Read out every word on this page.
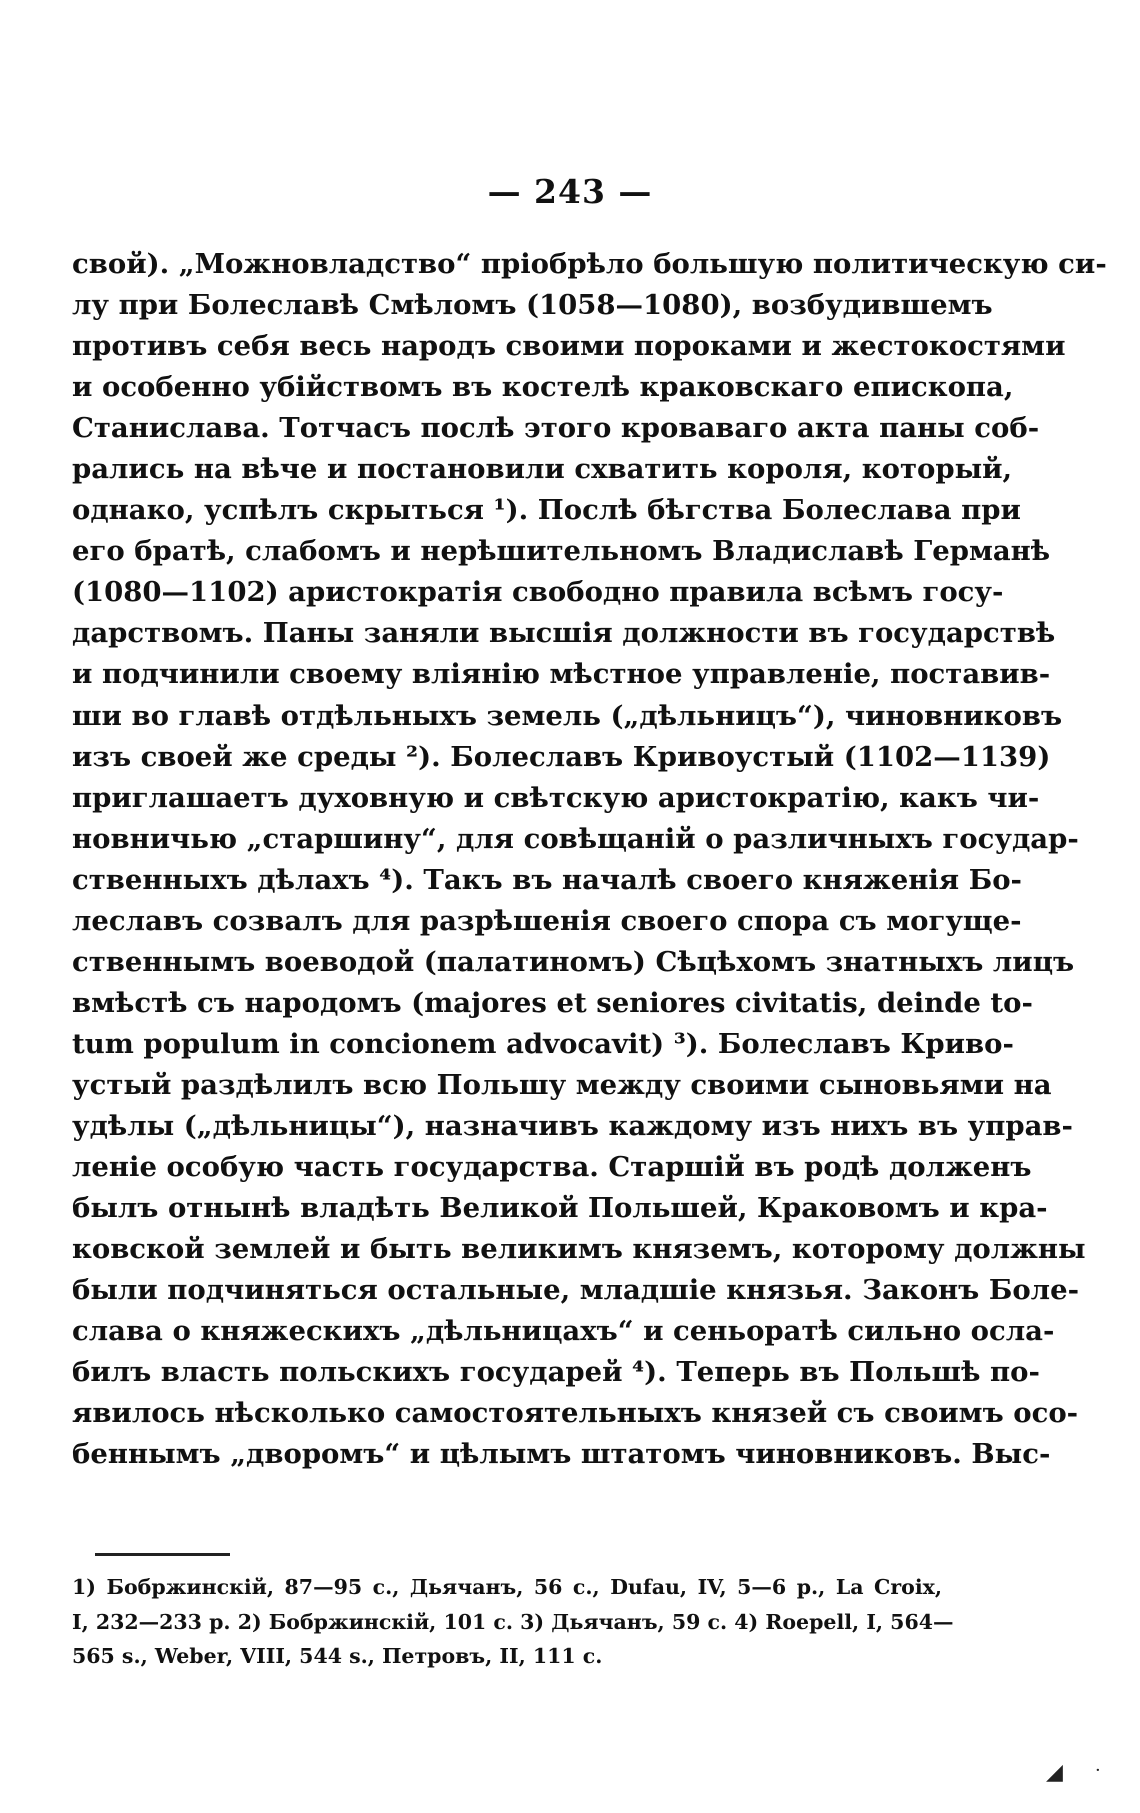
— 243 —
свой). „Можновладство“ пріобрѣло большую политическую си-
лу при Болеславѣ Смѣломъ (1058—1080), возбудившемъ
противъ себя весь народъ своими пороками и жестокостями
и особенно убійствомъ въ костелѣ краковскаго епископа,
Станислава. Тотчасъ послѣ этого кроваваго акта паны соб-
рались на вѣче и постановили схватить короля, который,
однако, успѣлъ скрыться ¹). Послѣ бѣгства Болеслава при
его братѣ, слабомъ и нерѣшительномъ Владиславѣ Германѣ
(1080—1102) аристократія свободно правила всѣмъ госу-
дарствомъ. Паны заняли высшія должности въ государствѣ
и подчинили своему вліянію мѣстное управленіе, поставив-
ши во главѣ отдѣльныхъ земель („дѣльницъ“), чиновниковъ
изъ своей же среды ²). Болеславъ Кривоустый (1102—1139)
приглашаетъ духовную и свѣтскую аристократію, какъ чи-
новничью „старшину“, для совѣщаній о различныхъ государ-
ственныхъ дѣлахъ ⁴). Такъ въ началѣ своего княженія Бо-
леславъ созвалъ для разрѣшенія своего спора съ могуще-
ственнымъ воеводой (палатиномъ) Сѣцѣхомъ знатныхъ лицъ
вмѣстѣ съ народомъ (majores et seniores civitatis, deinde to-
tum populum in concionem advocavit) ³). Болеславъ Криво-
устый раздѣлилъ всю Польшу между своими сыновьями на
удѣлы („дѣльницы“), назначивъ каждому изъ нихъ въ управ-
леніе особую часть государства. Старшій въ родѣ долженъ
былъ отнынѣ владѣть Великой Польшей, Краковомъ и кра-
ковской землей и быть великимъ княземъ, которому должны
были подчиняться остальные, младшіе князья. Законъ Боле-
слава о княжескихъ „дѣльницахъ“ и сеньоратѣ сильно осла-
билъ власть польскихъ государей ⁴). Теперь въ Польшѣ по-
явилось нѣсколько самостоятельныхъ князей съ своимъ осо-
беннымъ „дворомъ“ и цѣлымъ штатомъ чиновниковъ. Выс-
1) Бобржинскій, 87—95 с., Дьячанъ, 56 с., Dufau, IV, 5—6 p., La Croix,
I, 232—233 p. 2) Бобржинскій, 101 с. 3) Дьячанъ, 59 с. 4) Roepell, I, 564—
565 s., Weber, VIII, 544 s., Петровъ, II, 111 с.
◢ ·
